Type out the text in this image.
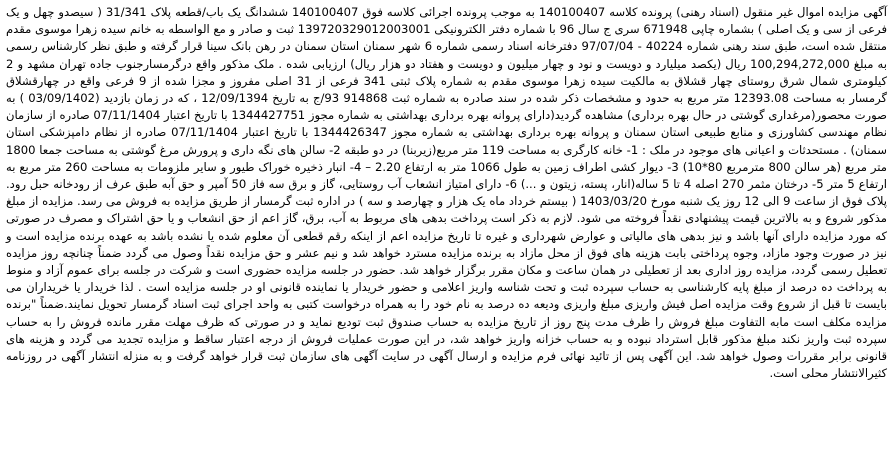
آگهی مزایده اموال غیر منقول (اسناد رهنی) پرونده کلاسه 140100407 به موجب پرونده اجرائی کلاسه فوق 140100407 ششدانگ یک باب/قطعه پلاک 31/341 ( سیصدو چهل و یک فرعی از سی و یک اصلی ) بشماره چاپی 671948 سری ج سال 96 با شماره دفتر الکترونیکی 139720329012003001 ثبت و صادر و مع الواسطه به خانم سیده زهرا موسوی مقدم منتقل شده است، طبق سند رهنی شماره 40224 - 97/07/04 دفترخانه اسناد رسمی شماره 6 شهر سمنان استان سمنان در رهن بانک سینا قرار گرفته و طبق نظر کارشناس رسمی به مبلغ 100,294,272,000 ریال (یکصد میلیارد و دویست و نود و چهار میلیون و دویست و هفتاد دو هزار ریال) ارزیابی شده . ملک مذکور واقع درگرمسارجنوب جاده تهران مشهد و 2 کیلومتری شمال شرق روستای چهار قشلاق به مالکیت سیده زهرا موسوی مقدم به شماره پلاک ثبتی 341 فرعی از 31 اصلی مفروز و مجزا شده از 9 فرعی واقع در چهارقشلاق گرمسار به مساحت 12393.08 متر مربع به حدود و مشخصات ذکر شده در سند صادره به شماره ثبت 914868 93/ج به تاریخ 12/09/1394 ، که در زمان بازدید (03/09/1402 ) به صورت محصور(مرغداری گوشتی در حال بهره برداری) مشاهده گردید(دارای پروانه بهره برداری بهداشتی به شماره مجوز 1344427751 با تاریخ اعتبار 07/11/1404 صادره از سازمان نظام مهندسی کشاورزی و منابع طبیعی استان سمنان و پروانه بهره برداری بهداشتی به شماره مجوز 1344426347 با تاریخ اعتبار 07/11/1404 صادره از نظام دامپزشکی استان سمنان) . مستحدثات و اعیانی های موجود در ملک : 1- خانه کارگری به مساحت 119 متر مربع(زیربنا) در دو طبقه 2- سالن های نگه داری و پرورش مرغ گوشتی به مساحت جمعا 1800 متر مربع (هر سالن 800 مترمربع 80*10) 3- دیوار کشی اطراف زمین به طول 1066 متر به ارتفاع 2.20 – 4- انبار ذخیره خوراک طیور و سایر ملزومات به مساحت 260 متر مربع به ارتفاع 5 متر 5- درختان مثمر 270 اصله 4 تا 5 ساله(انار، پسته، زیتون و ...) 6- دارای امتیاز انشعاب آب روستایی، گاز و برق سه فاز 50 آمپر و حق آبه طبق عرف از رودخانه حبل رود. پلاک فوق از ساعت 9 الی 12 روز یک شنبه مورخ 1403/03/20 ( بیستم خرداد ماه یک هزار و چهارصد و سه ) در اداره ثبت گرمسار از طریق مزایده به فروش می رسد. مزایده از مبلغ مذکور شروع و به بالاترین قیمت پیشنهادی نقداً فروخته می شود. لازم به ذکر است پرداخت بدهی های مربوط به آب، برق، گاز اعم از حق انشعاب و یا حق اشتراک و مصرف در صورتی که مورد مزایده دارای آنها باشد و نیز بدهی های مالیاتی و عوارض شهرداری و غیره تا تاریخ مزایده اعم از اینکه رقم قطعی آن معلوم شده یا نشده باشد به عهده برنده مزایده است و نیز در صورت وجود مازاد، وجوه پرداختی بابت هزینه های فوق از محل مازاد به برنده مزایده مسترد خواهد شد و نیم عشر و حق مزایده نقداً وصول می گردد ضمناً چنانچه روز مزایده تعطیل رسمی گردد، مزایده روز اداری بعد از تعطیلی در همان ساعت و مکان مقرر برگزار خواهد شد. حضور در جلسه مزایده حضوری است و شرکت در جلسه برای عموم آزاد و منوط به پرداخت ده درصد از مبلغ پایه کارشناسی به حساب سپرده ثبت و تحت شناسه واریز اعلامی و حضور خریدار یا نماینده قانونی او در جلسه مزایده است . لذا خریدار یا خریداران می بایست تا قبل از شروع وقت مزایده اصل فیش واریزی مبلغ واریزی ودیعه ده درصد به نام خود را به همراه درخواست کتبی به واحد اجرای ثبت اسناد گرمسار تحویل نمایند.ضمناً "برنده مزایده مکلف است مابه التفاوت مبلغ فروش را ظرف مدت پنج روز از تاریخ مزایده به حساب صندوق ثبت تودیع نماید و در صورتی که ظرف مهلت مقرر مانده فروش را به حساب سپرده ثبت واریز نکند مبلغ مذکور قابل استرداد نبوده و به حساب خزانه واریز خواهد شد، در این صورت عملیات فروش از درجه اعتبار ساقط و مزایده تجدید می گردد و هزینه های قانونی برابر مقررات وصول خواهد شد. این آگهی پس از تائید نهائی فرم مزایده و ارسال آگهی در سایت آگهی های سازمان ثبت قرار خواهد گرفت و به منزله انتشار آگهی در روزنامه کثیرالانتشار محلی است.
